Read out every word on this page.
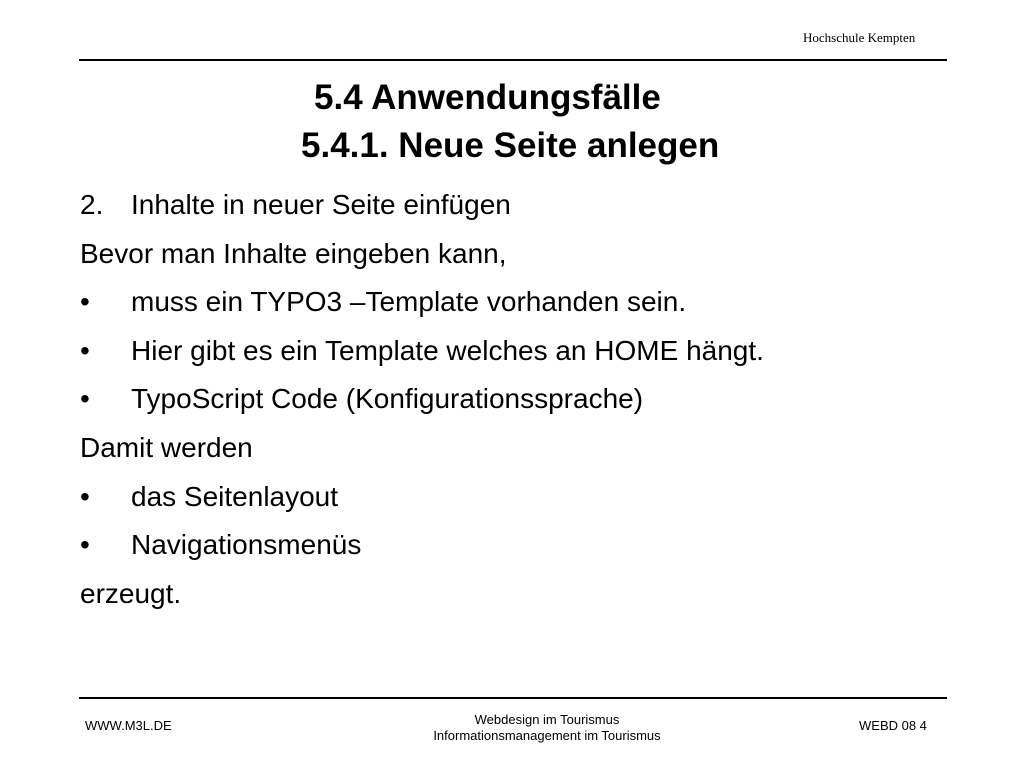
Hochschule Kempten
5.4 Anwendungsfälle
5.4.1. Neue Seite anlegen
2. Inhalte in neuer Seite einfügen
Bevor man Inhalte eingeben kann,
• muss ein TYPO3 –Template vorhanden sein.
• Hier gibt es ein Template welches an HOME hängt.
• TypoScript Code (Konfigurationssprache)
Damit werden
• das Seitenlayout
• Navigationsmenüs
erzeugt.
WWW.M3L.DE	Webdesign im Tourismus
Informationsmanagement im Tourismus
WEBD 08 4
